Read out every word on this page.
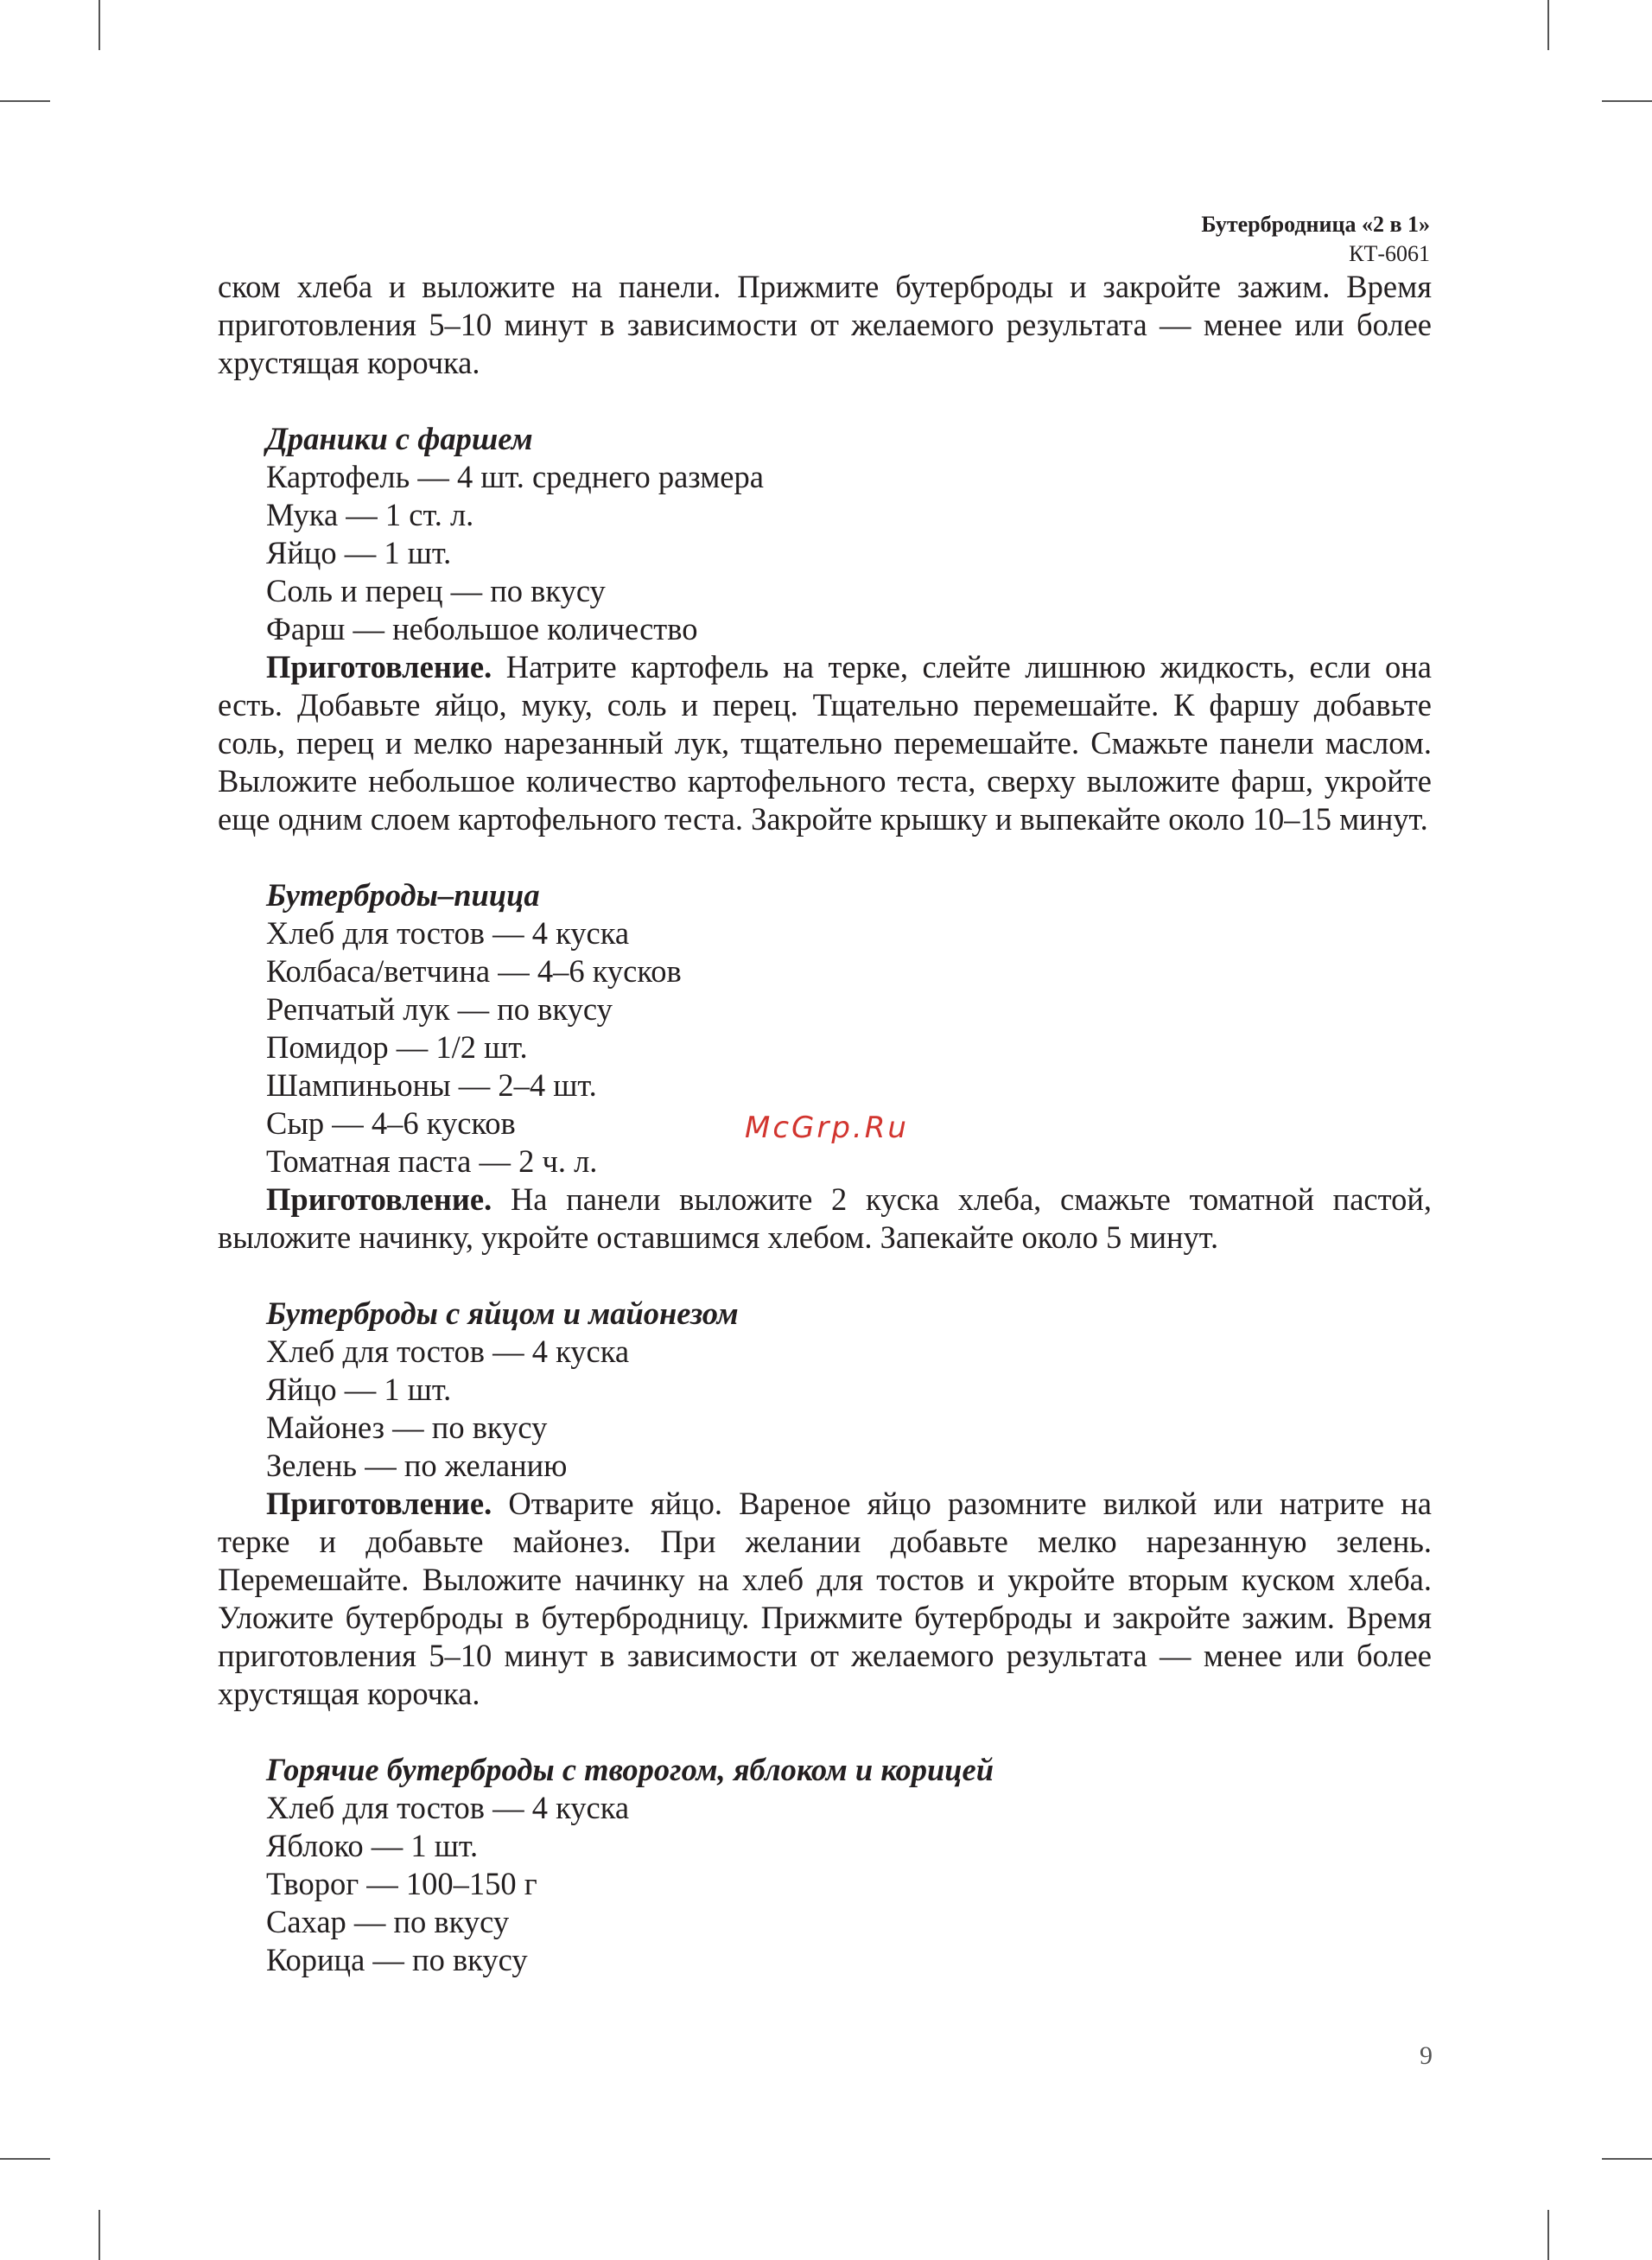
Бутербродница «2 в 1»
КТ-6061

ском хлеба и выложите на панели. Прижмите бутерброды и закройте зажим. Время приготовления 5–10 минут в зависимости от желаемого результата — менее или более хрустящая корочка.

Драники с фаршем
Картофель — 4 шт. среднего размера
Мука — 1 ст. л.
Яйцо — 1 шт.
Соль и перец — по вкусу
Фарш — небольшое количество

Приготовление. Натрите картофель на терке, слейте лишнюю жидкость, если она есть. Добавьте яйцо, муку, соль и перец. Тщательно перемешайте. К фаршу добавьте соль, перец и мелко нарезанный лук, тщательно перемешайте. Смажьте панели маслом. Выложите небольшое количество картофельного теста, сверху выложите фарш, укройте еще одним слоем картофельного теста. Закройте крышку и выпекайте около 10–15 минут.

Бутерброды–пицца
Хлеб для тостов — 4 куска
Колбаса/ветчина — 4–6 кусков
Репчатый лук — по вкусу
Помидор — 1/2 шт.
Шампиньоны — 2–4 шт.
Сыр — 4–6 кусков
Томатная паста — 2 ч. л.

Приготовление. На панели выложите 2 куска хлеба, смажьте томатной пастой, выложите начинку, укройте оставшимся хлебом. Запекайте около 5 минут.

Бутерброды с яйцом и майонезом
Хлеб для тостов — 4 куска
Яйцо — 1 шт.
Майонез — по вкусу
Зелень — по желанию

Приготовление. Отварите яйцо. Вареное яйцо разомните вилкой или натрите на терке и добавьте майонез. При желании добавьте мелко нарезанную зелень. Перемешайте. Выложите начинку на хлеб для тостов и укройте вторым куском хлеба. Уложите бутерброды в бутербродницу. Прижмите бутерброды и закройте зажим. Время приготовления 5–10 минут в зависимости от желаемого результата — менее или более хрустящая корочка.

Горячие бутерброды с творогом, яблоком и корицей
Хлеб для тостов — 4 куска
Яблоко — 1 шт.
Творог — 100–150 г
Сахар — по вкусу
Корица — по вкусу
McGrp.Ru
9
